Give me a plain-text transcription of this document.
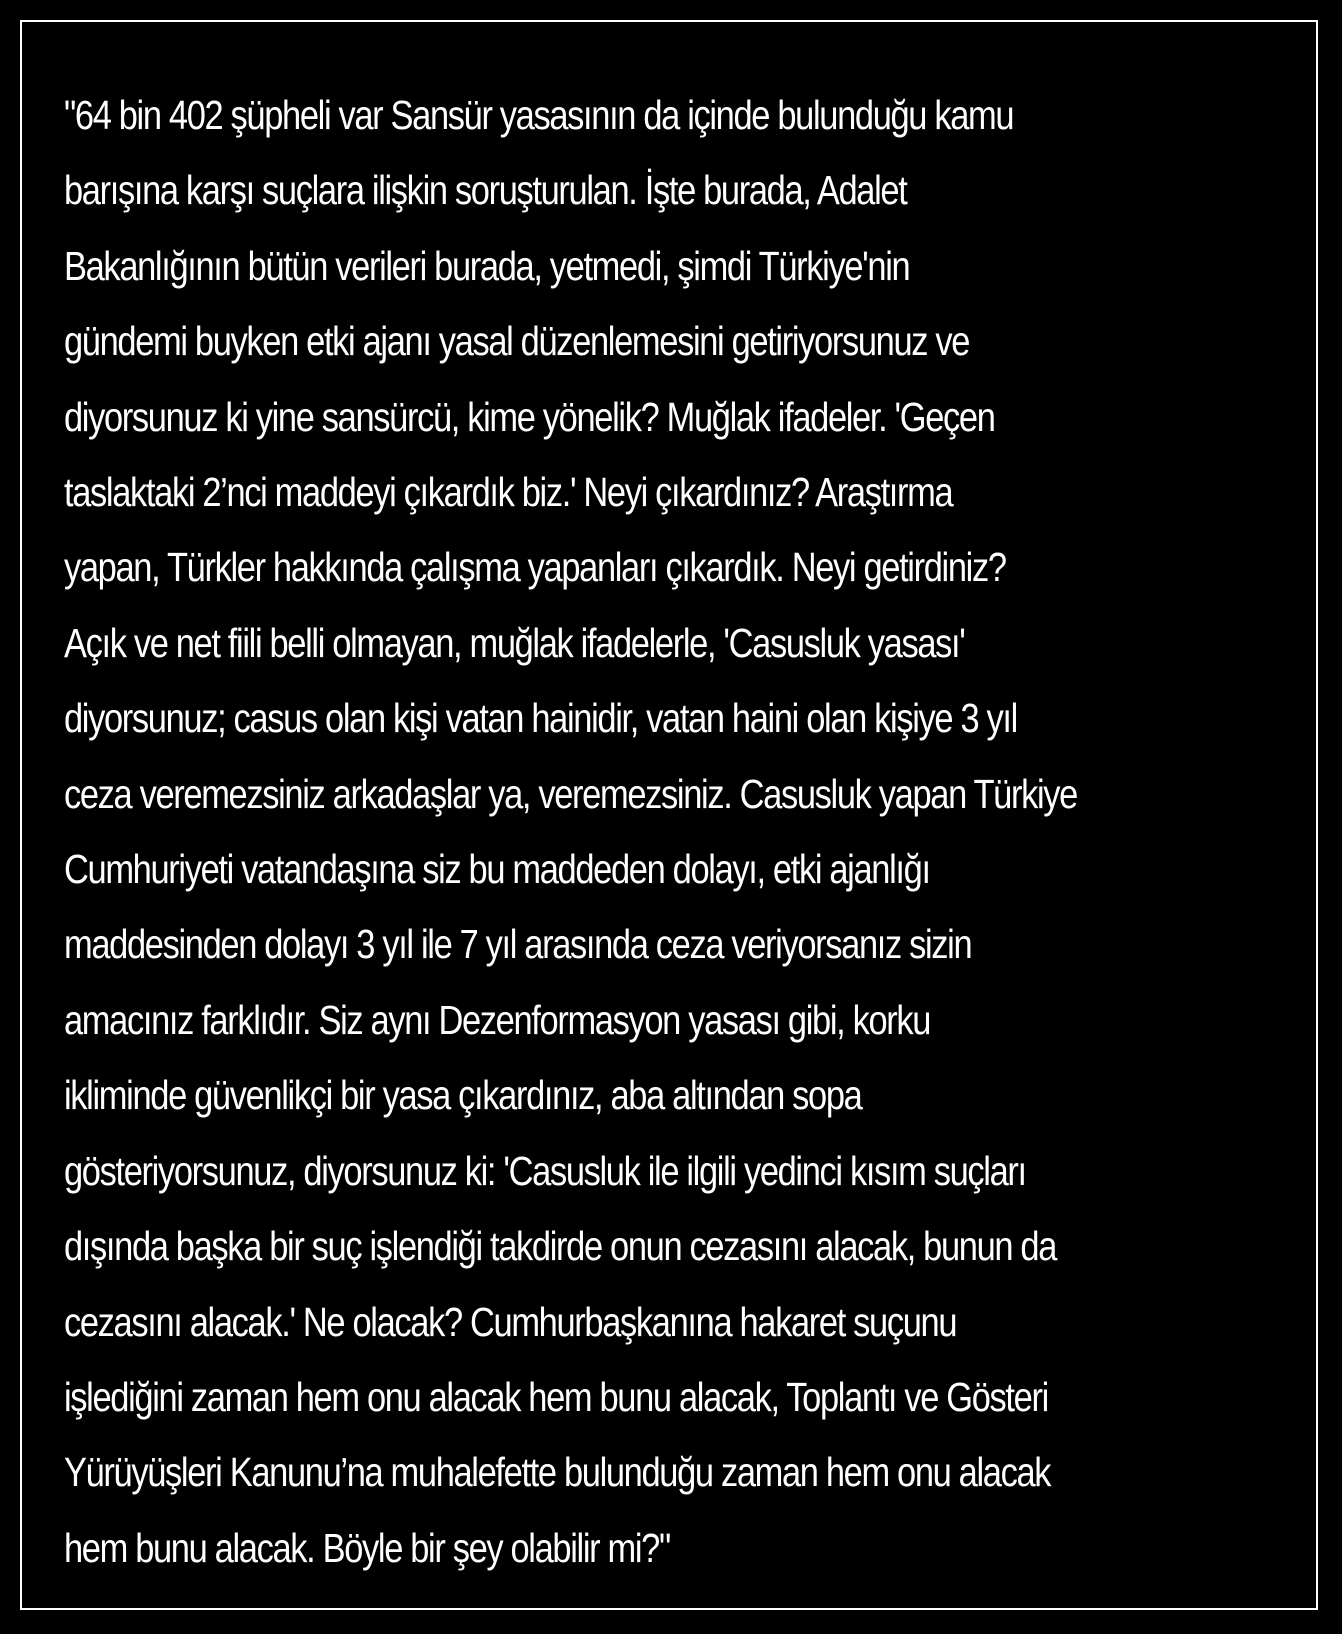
"64 bin 402 şüpheli var Sansür yasasının da içinde bulunduğu kamu
barışına karşı suçlara ilişkin soruşturulan. İşte burada, Adalet
Bakanlığının bütün verileri burada, yetmedi, şimdi Türkiye'nin
gündemi buyken etki ajanı yasal düzenlemesini getiriyorsunuz ve
diyorsunuz ki yine sansürcü, kime yönelik? Muğlak ifadeler. 'Geçen
taslaktaki 2’nci maddeyi çıkardık biz.' Neyi çıkardınız? Araştırma
yapan, Türkler hakkında çalışma yapanları çıkardık. Neyi getirdiniz?
Açık ve net fiili belli olmayan, muğlak ifadelerle, 'Casusluk yasası'
diyorsunuz; casus olan kişi vatan hainidir, vatan haini olan kişiye 3 yıl
ceza veremezsiniz arkadaşlar ya, veremezsiniz. Casusluk yapan Türkiye
Cumhuriyeti vatandaşına siz bu maddeden dolayı, etki ajanlığı
maddesinden dolayı 3 yıl ile 7 yıl arasında ceza veriyorsanız sizin
amacınız farklıdır. Siz aynı Dezenformasyon yasası gibi, korku
ikliminde güvenlikçi bir yasa çıkardınız, aba altından sopa
gösteriyorsunuz, diyorsunuz ki: 'Casusluk ile ilgili yedinci kısım suçları
dışında başka bir suç işlendiği takdirde onun cezasını alacak, bunun da
cezasını alacak.' Ne olacak? Cumhurbaşkanına hakaret suçunu
işlediğini zaman hem onu alacak hem bunu alacak, Toplantı ve Gösteri
Yürüyüşleri Kanunu’na muhalefette bulunduğu zaman hem onu alacak
hem bunu alacak. Böyle bir şey olabilir mi?"
